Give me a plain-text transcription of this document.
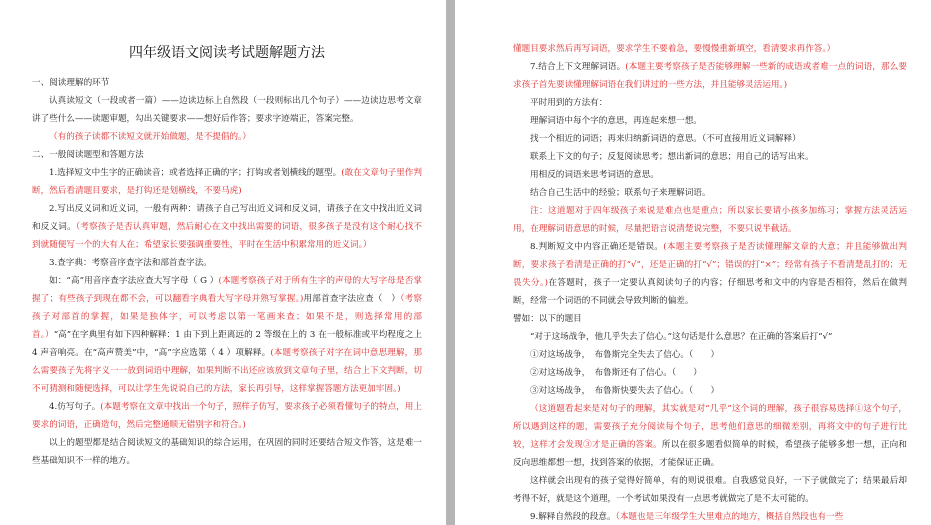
四年级语文阅读考试题解题方法

一、阅读理解的环节

认真读短文（一段或者一篇）——边读边标上自然段（一段则标出几个句子）——边读边思考文章讲了些什么——读题审题，勾出关键要求——想好后作答；要求字迹端正，答案完整。

（有的孩子读都不读短文就开始做题，是不提倡的。）

二、一般阅读题型和答题方法

1.选择短文中生字的正确读音；或者选择正确的字；打钩或者划横线的题型。(敢在文章句子里作判断，然后看清题目要求，是打钩还是划横线，不要马虎)

2.写出反义词和近义词，一般有两种：请孩子自己写出近义词和反义词，请孩子在文中找出近义词和反义词。（考察孩子是否认真审题，然后耐心在文中找出需要的词语，很多孩子是没有这个耐心找不到就随便写一个的大有人在；希望家长要强调重要性，平时在生活中积累常用的近义词。）

3.查字典：考察音序查字法和部首查字法。

如：“高”用音序查字法应查大写字母（ G ）(本题考察孩子对于所有生字的声母的大写字母是否掌握了；有些孩子到现在都不会，可以翻看字典看大写字母并熟写掌握。)用部首查字法应查（　）（考察孩子对部首的掌握，如果是独体字，可以考虑以第一笔画来查；如果不是，则选择常用的部首。）“高”在字典里有如下四种解释：1 由下到上距离远的 2 等级在上的 3 在一般标准或平均程度之上 4 声音响亮。在“高声赞美”中，“高”字应选第（ 4 ）项解释。(本题考察孩子对字在词中意思理解，那么需要孩子先将字义一一放到词语中理解，如果判断不出还应该放到文章句子里，结合上下文判断，切不可猜测和随便选择，可以让学生先说说自己的方法，家长再引导，这样掌握答题方法更加牢固。)

4.仿写句子。(本题考察在文章中找出一个句子，照样子仿写，要求孩子必须看懂句子的特点，用上要求的词语，正确造句，然后完整通顺无错别字和符合。)

以上的题型都是结合阅读短文的基础知识的综合运用，在巩固的同时还要结合短文作答，这是难一些基础知识不一样的地方。

懂题目要求然后再写词语，要求学生不要着急，要慢慢重新填空，看清要求再作答。）

7.结合上下文理解词语。(本题主要考察孩子是否能够理解一些新的成语或者难一点的词语，那么要求孩子首先要读懂理解词语在我们讲过的一些方法，并且能够灵活运用。)

平时用到的方法有：

理解词语中每个字的意思，再连起来想一想。

找一个相近的词语；再来归纳新词语的意思。（不可直接用近义词解释）

联系上下文的句子；反复阅读思考；想出新词的意思；用自己的话写出来。

用相反的词语来思考词语的意思。

结合自己生活中的经验；联系句子来理解词语。

注：这道题对于四年级孩子来说是难点也是重点；所以家长要请小孩多加练习；掌握方法灵活运用，在理解词语意思的时候，尽量把语言说清楚说完整，不要只说半截话。

8.判断短文中内容正确还是错误。(本题主要考察孩子是否读懂理解文章的大意；并且能够做出判断，要求孩子看清是正确的打“√”，还是正确的打“√”；错误的打“×”；经常有孩子不看清楚乱打的；无畏失分。)在答题时，孩子一定要认真阅读句子的内容；仔细思考和文中的内容是否相符，然后在做判断，经常一个词语的不同就会导致判断的偏差。

譬如：以下的题目

“对于这场战争，他几乎失去了信心。”这句话是什么意思？在正确的答案后打“√”

①对这场战争，　布鲁斯完全失去了信心。（　　）

②对这场战争，　布鲁斯还有了信心。（　　）

③对这场战争，　布鲁斯快要失去了信心。（　　）

（这道题看起来是对句子的理解，其实就是对“几乎”这个词的理解，孩子很容易选择①这个句子，所以遇到这样的题，需要孩子充分阅读每个句子，思考他们意思的细微差别，再将文中的句子进行比较，这样才会发现③才是正确的答案。所以在很多题看似简单的时候，希望孩子能够多想一想，正向和反向思维都想一想，找到答案的依据，才能保证正确。

这样就会出现有的孩子觉得好简单，有的则说很难。自我感觉良好，一下子就做完了；结果最后却考得不好，就是这个道理，一个考试如果没有一点思考就做完了是不太可能的。

9.解释自然段的段意。（本题也是三年级学生大里难点的地方，概括自然段也有一些
